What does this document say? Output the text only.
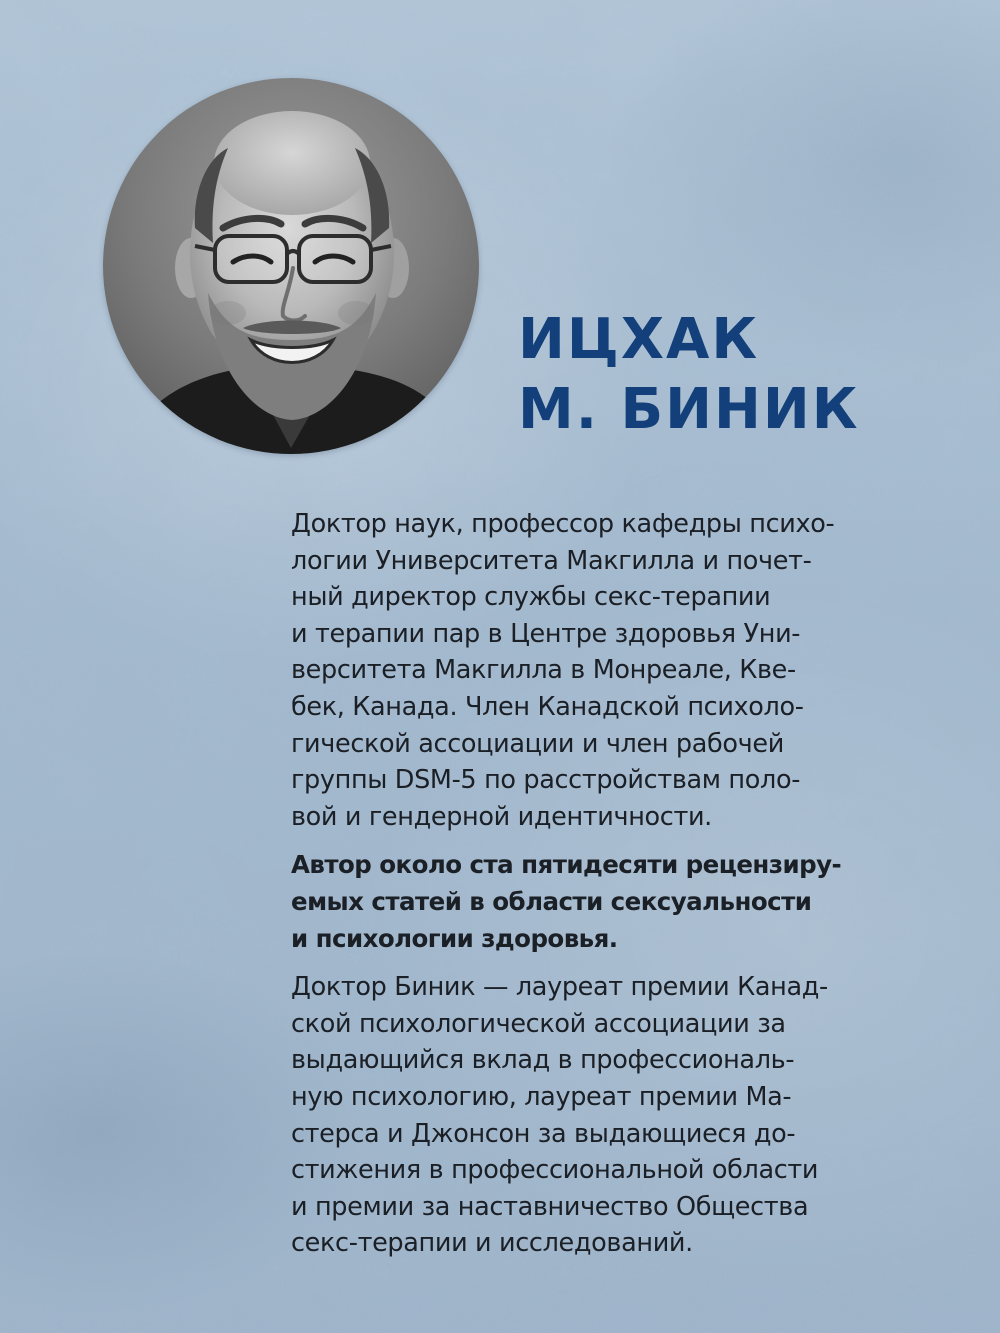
ИЦХАК
М. БИНИК

Доктор наук, профессор кафедры психо-
логии Университета Макгилла и почет-
ный директор службы секс-терапии
и терапии пар в Центре здоровья Уни-
верситета Макгилла в Монреале, Кве-
бек, Канада. Член Канадской психоло-
гической ассоциации и член рабочей
группы DSM-5 по расстройствам поло-
вой и гендерной идентичности.

Автор около ста пятидесяти рецензиру-
емых статей в области сексуальности
и психологии здоровья.

Доктор Биник — лауреат премии Канад-
ской психологической ассоциации за
выдающийся вклад в профессиональ-
ную психологию, лауреат премии Ма-
стерса и Джонсон за выдающиеся до-
стижения в профессиональной области
и премии за наставничество Общества
секс-терапии и исследований.
